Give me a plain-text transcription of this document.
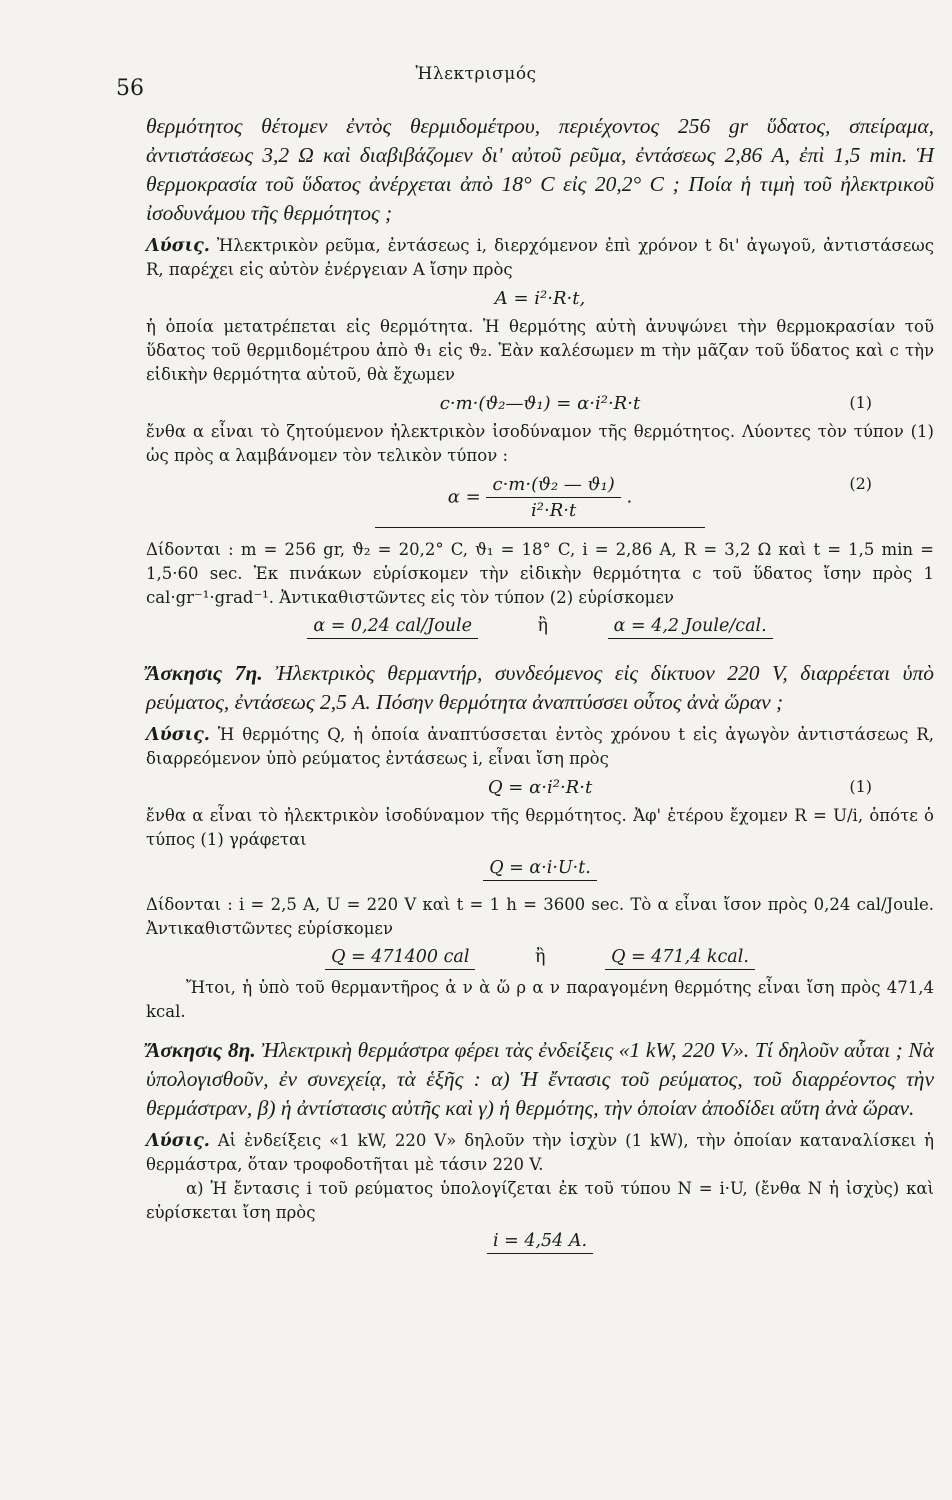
56
Ἠλεκτρισμός

θερμότητος θέτομεν ἐντὸς θερμιδομέτρου, περιέχοντος 256 gr ὕδατος, σπείραμα, ἀντιστάσεως 3,2 Ω καὶ διαβιβάζομεν δι' αὐτοῦ ρεῦμα, ἐντάσεως 2,86 A, ἐπὶ 1,5 min. Ἡ θερμοκρασία τοῦ ὕδατος ἀνέρχεται ἀπὸ 18° C εἰς 20,2° C ; Ποία ἡ τιμὴ τοῦ ἠλεκτρικοῦ ἰσοδυνάμου τῆς θερμότητος ;

Λύσις. Ἠλεκτρικὸν ρεῦμα, ἐντάσεως i, διερχόμενον ἐπὶ χρόνον t δι' ἀγωγοῦ, ἀντιστάσεως R, παρέχει εἰς αὐτὸν ἐνέργειαν A ἴσην πρὸς

A = i²·R·t,

ἡ ὁποία μετατρέπεται εἰς θερμότητα. Ἡ θερμότης αὐτὴ ἀνυψώνει τὴν θερμοκρασίαν τοῦ ὕδατος τοῦ θερμιδομέτρου ἀπὸ ϑ₁ εἰς ϑ₂. Ἐὰν καλέσωμεν m τὴν μᾶζαν τοῦ ὕδατος καὶ c τὴν εἰδικὴν θερμότητα αὐτοῦ, θὰ ἔχωμεν

c·m·(ϑ₂—ϑ₁) = α·i²·R·t	(1)

ἔνθα α εἶναι τὸ ζητούμενον ἠλεκτρικὸν ἰσοδύναμον τῆς θερμότητος. Λύοντες τὸν τύπον (1) ὡς πρὸς α λαμβάνομεν τὸν τελικὸν τύπον :

$\alpha = \frac{\text{c·m·(ϑ₂ — ϑ₁)}}{\text{i²·R·t}}$ .
(2)

Δίδονται : m = 256 gr, ϑ₂ = 20,2° C, ϑ₁ = 18° C, i = 2,86 A, R = 3,2 Ω καὶ t = 1,5 min = 1,5·60 sec. Ἐκ πινάκων εὑρίσκομεν τὴν εἰδικὴν θερμότητα c τοῦ ὕδατος ἴσην πρὸς 1 cal·gr⁻¹·grad⁻¹. Ἀντικαθιστῶντες εἰς τὸν τύπον (2) εὑρίσκομεν

α = 0,24 cal/Joule	ἢ	α = 4,2 Joule/cal.

Ἄσκησις 7η. Ἠλεκτρικὸς θερμαντήρ, συνδεόμενος εἰς δίκτυον 220 V, διαρρέεται ὑπὸ ρεύματος, ἐντάσεως 2,5 A. Πόσην θερμότητα ἀναπτύσσει οὗτος ἀνὰ ὥραν ;

Λύσις. Ἡ θερμότης Q, ἡ ὁποία ἀναπτύσσεται ἐντὸς χρόνου t εἰς ἀγωγὸν ἀντιστάσεως R, διαρρεόμενον ὑπὸ ρεύματος ἐντάσεως i, εἶναι ἴση πρὸς

Q = α·i²·R·t	(1)

ἔνθα α εἶναι τὸ ἠλεκτρικὸν ἰσοδύναμον τῆς θερμότητος. Ἀφ' ἑτέρου ἔχομεν R = U/i, ὁπότε ὁ τύπος (1) γράφεται

Q = α·i·U·t.

Δίδονται : i = 2,5 A, U = 220 V καὶ t = 1 h = 3600 sec. Τὸ α εἶναι ἴσον πρὸς 0,24 cal/Joule. Ἀντικαθιστῶντες εὑρίσκομεν

Q = 471400 cal	ἢ	Q = 471,4 kcal.

Ἤτοι, ἡ ὑπὸ τοῦ θερμαντῆρος ἀ ν ὰ ὥ ρ α ν παραγομένη θερμότης εἶναι ἴση πρὸς 471,4 kcal.

Ἄσκησις 8η. Ἠλεκτρικὴ θερμάστρα φέρει τὰς ἐνδείξεις «1 kW, 220 V». Τί δηλοῦν αὗται ; Νὰ ὑπολογισθοῦν, ἐν συνεχείᾳ, τὰ ἑξῆς : α) Ἡ ἔντασις τοῦ ρεύματος, τοῦ διαρρέοντος τὴν θερμάστραν, β) ἡ ἀντίστασις αὐτῆς καὶ γ) ἡ θερμότης, τὴν ὁποίαν ἀποδίδει αὕτη ἀνὰ ὥραν.

Λύσις. Αἱ ἐνδείξεις «1 kW, 220 V» δηλοῦν τὴν ἰσχὺν (1 kW), τὴν ὁποίαν καταναλίσκει ἡ θερμάστρα, ὅταν τροφοδοτῆται μὲ τάσιν 220 V.

α) Ἡ ἔντασις i τοῦ ρεύματος ὑπολογίζεται ἐκ τοῦ τύπου N = i·U, (ἔνθα N ἡ ἰσχὺς) καὶ εὑρίσκεται ἴση πρὸς

i = 4,54 A.
